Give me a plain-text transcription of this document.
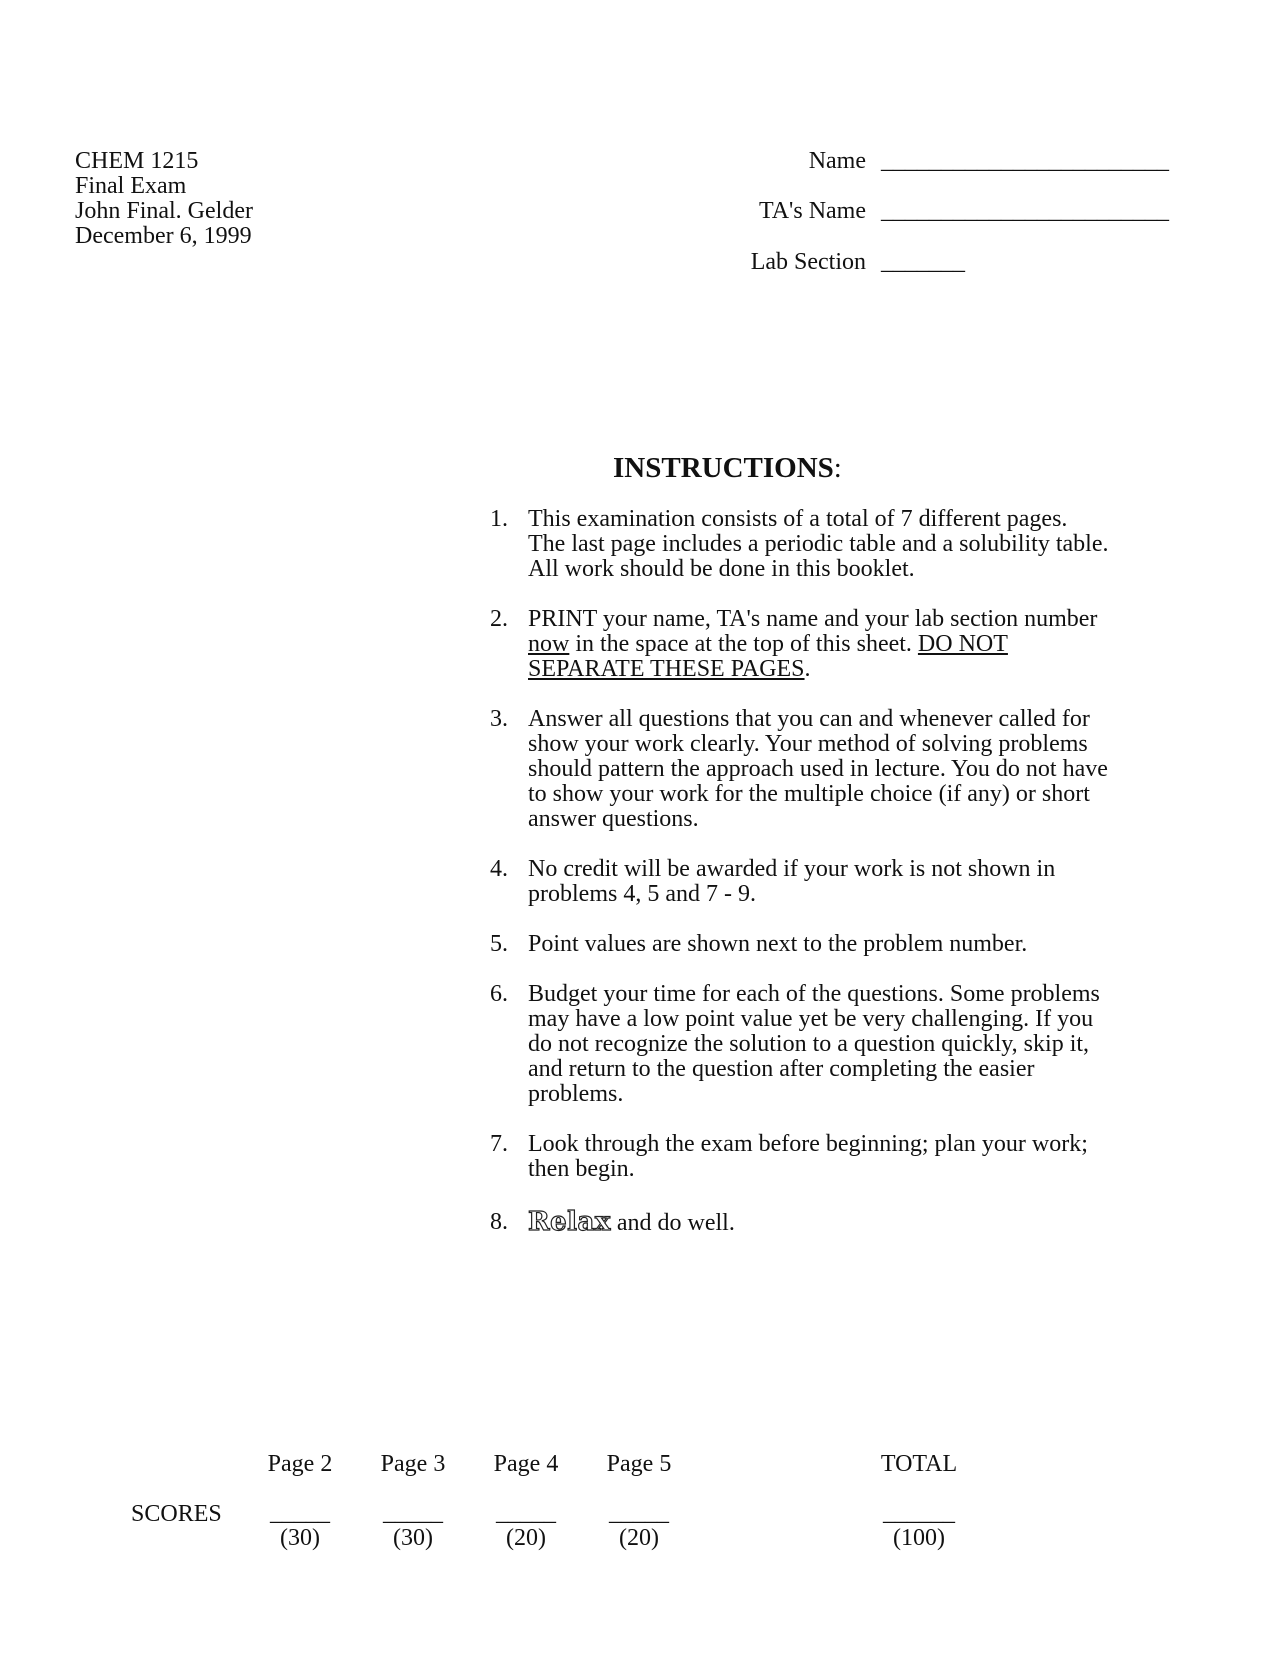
CHEM 1215
Final Exam
John Final. Gelder
December 6, 1999
Name ________________________
TA's Name ________________________
Lab Section _______
INSTRUCTIONS:
1. This examination consists of a total of 7 different pages. The last page includes a periodic table and a solubility table. All work should be done in this booklet.
2. PRINT your name, TA's name and your lab section number now in the space at the top of this sheet. DO NOT SEPARATE THESE PAGES.
3. Answer all questions that you can and whenever called for show your work clearly. Your method of solving problems should pattern the approach used in lecture. You do not have to show your work for the multiple choice (if any) or short answer questions.
4. No credit will be awarded if your work is not shown in problems 4, 5 and 7 - 9.
5. Point values are shown next to the problem number.
6. Budget your time for each of the questions. Some problems may have a low point value yet be very challenging. If you do not recognize the solution to a question quickly, skip it, and return to the question after completing the easier problems.
7. Look through the exam before beginning; plan your work; then begin.
8. Relax and do well.
SCORES
Page 2
_____
(30)
Page 3
_____
(30)
Page 4
_____
(20)
Page 5
_____
(20)
TOTAL
______
(100)
